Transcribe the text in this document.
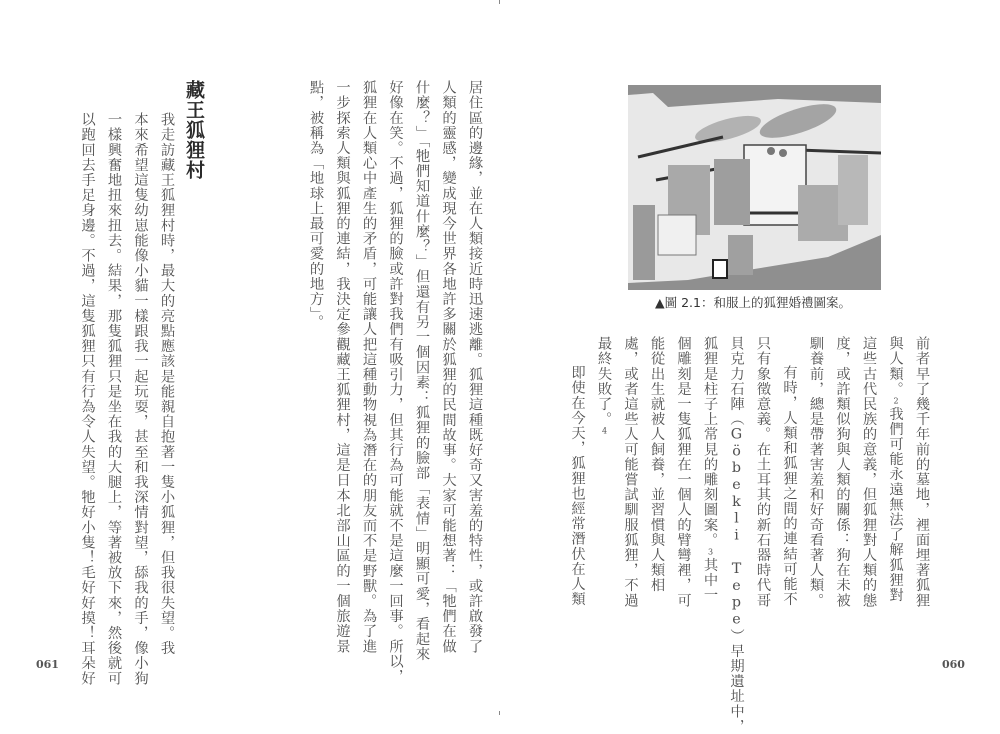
居住區的邊緣，並在人類接近時迅速逃離。狐狸這種既好奇又害羞的特性，或許啟發了

人類的靈感，變成現今世界各地許多關於狐狸的民間故事。大家可能想著：「牠們在做

什麼？」「牠們知道什麼？」但還有另一個因素：狐狸的臉部「表情」明顯可愛，看起來

好像在笑。不過，狐狸的臉或許對我們有吸引力，但其行為可能就不是這麼一回事。所以，

狐狸在人類心中產生的矛盾，可能讓人把這種動物視為潛在的朋友而不是野獸。為了進

一步探索人類與狐狸的連結，我決定參觀藏王狐狸村，這是日本北部山區的一個旅遊景

點，被稱為「地球上最可愛的地方」。

藏王狐狸村

我走訪藏王狐狸村時，最大的亮點應該是能親自抱著一隻小狐狸，但我很失望。我

本來希望這隻幼崽能像小貓一樣跟我一起玩耍，甚至和我深情對望，舔我的手，像小狗

一樣興奮地扭來扭去。結果，那隻狐狸只是坐在我的大腿上，等著被放下來，然後就可

以跑回去手足身邊。不過，這隻狐狸只有行為令人失望。牠好小隻！毛好好摸！耳朵好

061
▲圖 2.1：和服上的狐狸婚禮圖案。

前者早了幾千年前的墓地，裡面埋著狐狸

與人類。2我們可能永遠無法了解狐狸對

這些古代民族的意義，但狐狸對人類的態

度，或許類似狗與人類的關係：狗在未被

馴養前，總是帶著害羞和好奇看著人類。

有時，人類和狐狸之間的連結可能不

只有象徵意義。在土耳其的新石器時代哥

貝克力石陣（Göbekli Tepe）早期遺址中，

狐狸是柱子上常見的雕刻圖案。3其中一

個雕刻是一隻狐狸在一個人的臂彎裡，可

能從出生就被人飼養，並習慣與人類相

處，或者這些人可能嘗試馴服狐狸，不過

最終失敗了。4

即使在今天，狐狸也經常潛伏在人類

060
